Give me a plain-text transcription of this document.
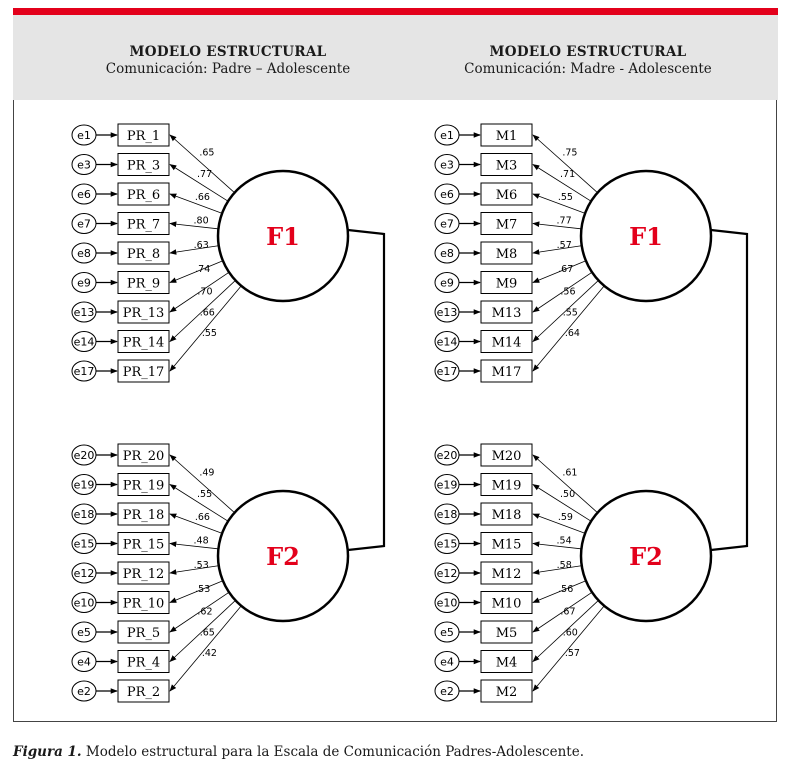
MODELO ESTRUCTURAL
Comunicación: Padre – Adolescente
MODELO ESTRUCTURAL
Comunicación: Madre - Adolescente
e1	PR_1
.65
e3	PR_3
.77
e6	PR_6	.66
e7	PR_7	.80
e8	PR_8
.63
e9	PR_9
.74
e13 PR_13
.70
e14 PR_14
.66
e17 PR_17
.55
F1
e20 PR_20
.49
e19 PR_19
.55
e18 PR_18	.66
e15 PR_15	.48
e12 PR_12
.53
e10 PR_10
.53
e5	PR_5
.62
e4	PR_4
.65
e2	PR_2
.42
F2
e1	M1
.75
e3	M3
.71
e6	M6	.55
e7	M7	.77
e8	M8
.57
e9	M9
.67
e13	M13
.56
e14	M14
.55
e17	M17
.64
F1
e20	M20
.61
e19	M19
.50
e18	M18	.59
e15	M15	.54
e12	M12
.58
e10	M10
.56
e5	M5
.67
e4	M4
.60
e2	M2
.57
F2
Figura 1. Modelo estructural para la Escala de Comunicación Padres-Adolescente.
